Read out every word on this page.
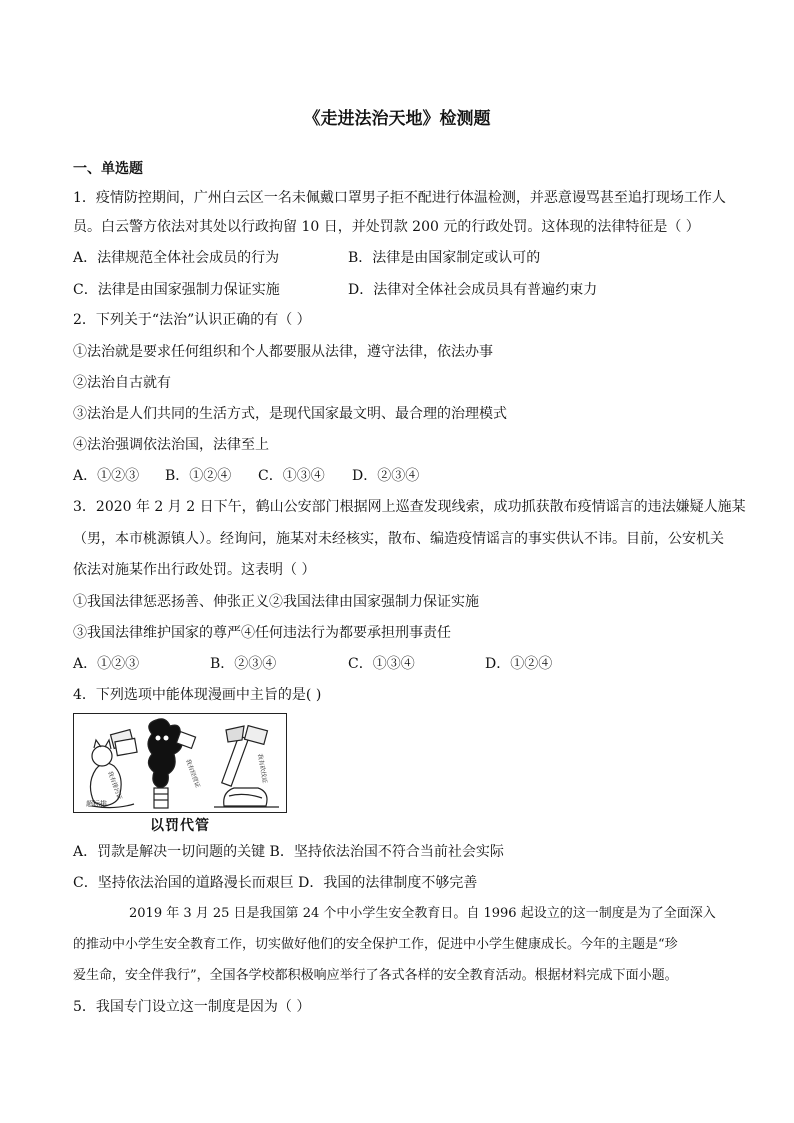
《走进法治天地》检测题
一、单选题
1．疫情防控期间，广州白云区一名未佩戴口罩男子拒不配进行体温检测，并恶意谩骂甚至追打现场工作人
员。白云警方依法对其处以行政拘留 10 日，并处罚款 200 元的行政处罚。这体现的法律特征是（ ）
A．法律规范全体社会成员的行为	B．法律是由国家制定或认可的
C．法律是由国家强制力保证实施	D．法律对全体社会成员具有普遍约束力
2．下列关于“法治”认识正确的有（ ）
①法治就是要求任何组织和个人都要服从法律，遵守法律，依法办事
②法治自古就有
③法治是人们共同的生活方式，是现代国家最文明、最合理的治理模式
④法治强调依法治国，法律至上
A．①②③ B．①②④ C．①③④ D．②③④
3．2020 年 2 月 2 日下午，鹤山公安部门根据网上巡查发现线索，成功抓获散布疫情谣言的违法嫌疑人施某
（男，本市桃源镇人）。经询问，施某对未经核实，散布、编造疫情谣言的事实供认不讳。目前，公安机关
依法对施某作出行政处罚。这表明（ ）
①我国法律惩恶扬善、伸张正义②我国法律由国家强制力保证实施
③我国法律维护国家的尊严④任何违法行为都要承担刑事责任
A．①②③	B．②③④	C．①③④	D．①②④
4．下列选项中能体现漫画中主旨的是( )
超标排
我有排污证	我有经营证	我有砍伐证
以罚代管
A．罚款是解决一切问题的关键 B．坚持依法治国不符合当前社会实际
C．坚持依法治国的道路漫长而艰巨 D．我国的法律制度不够完善
2019 年 3 月 25 日是我国第 24 个中小学生安全教育日。自 1996 起设立的这一制度是为了全面深入
的推动中小学生安全教育工作，切实做好他们的安全保护工作，促进中小学生健康成长。今年的主题是“珍
爱生命，安全伴我行”，全国各学校都积极响应举行了各式各样的安全教育活动。根据材料完成下面小题。
5．我国专门设立这一制度是因为（ ）
